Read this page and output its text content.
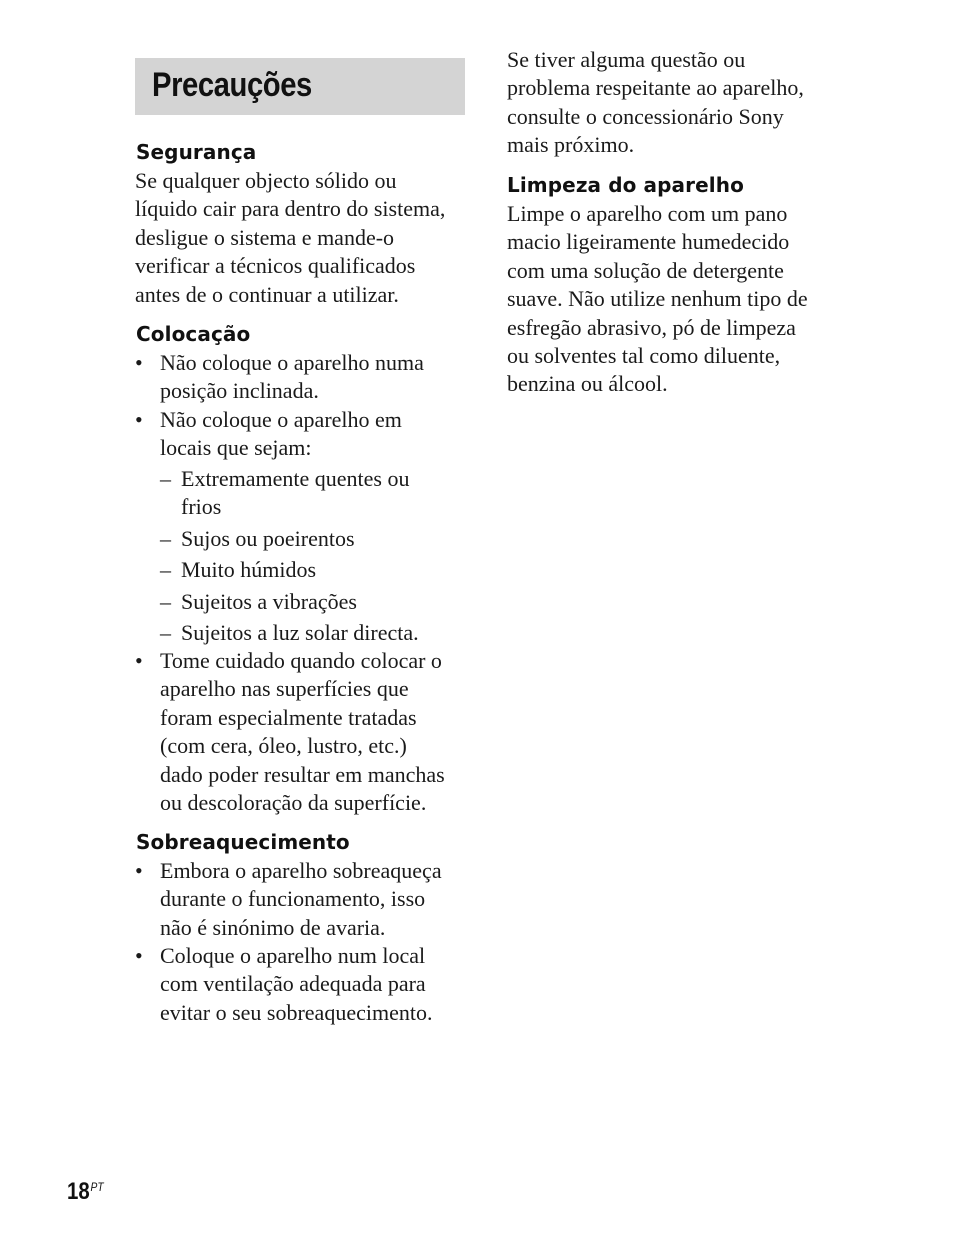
Precauções
Segurança
Se qualquer objecto sólido ou
líquido cair para dentro do sistema,
desligue o sistema e mande-o
verificar a técnicos qualificados
antes de o continuar a utilizar.
Colocação
• Não coloque o aparelho numa
posição inclinada.
• Não coloque o aparelho em
locais que sejam:
– Extremamente quentes ou
frios
– Sujos ou poeirentos
– Muito húmidos
– Sujeitos a vibrações
– Sujeitos a luz solar directa.
• Tome cuidado quando colocar o
aparelho nas superfícies que
foram especialmente tratadas
(com cera, óleo, lustro, etc.)
dado poder resultar em manchas
ou descoloração da superfície.
Sobreaquecimento
• Embora o aparelho sobreaqueça
durante o funcionamento, isso
não é sinónimo de avaria.
• Coloque o aparelho num local
com ventilação adequada para
evitar o seu sobreaquecimento.
Se tiver alguma questão ou
problema respeitante ao aparelho,
consulte o concessionário Sony
mais próximo.
Limpeza do aparelho
Limpe o aparelho com um pano
macio ligeiramente humedecido
com uma solução de detergente
suave. Não utilize nenhum tipo de
esfregão abrasivo, pó de limpeza
ou solventes tal como diluente,
benzina ou álcool.
$18^{PT}$
